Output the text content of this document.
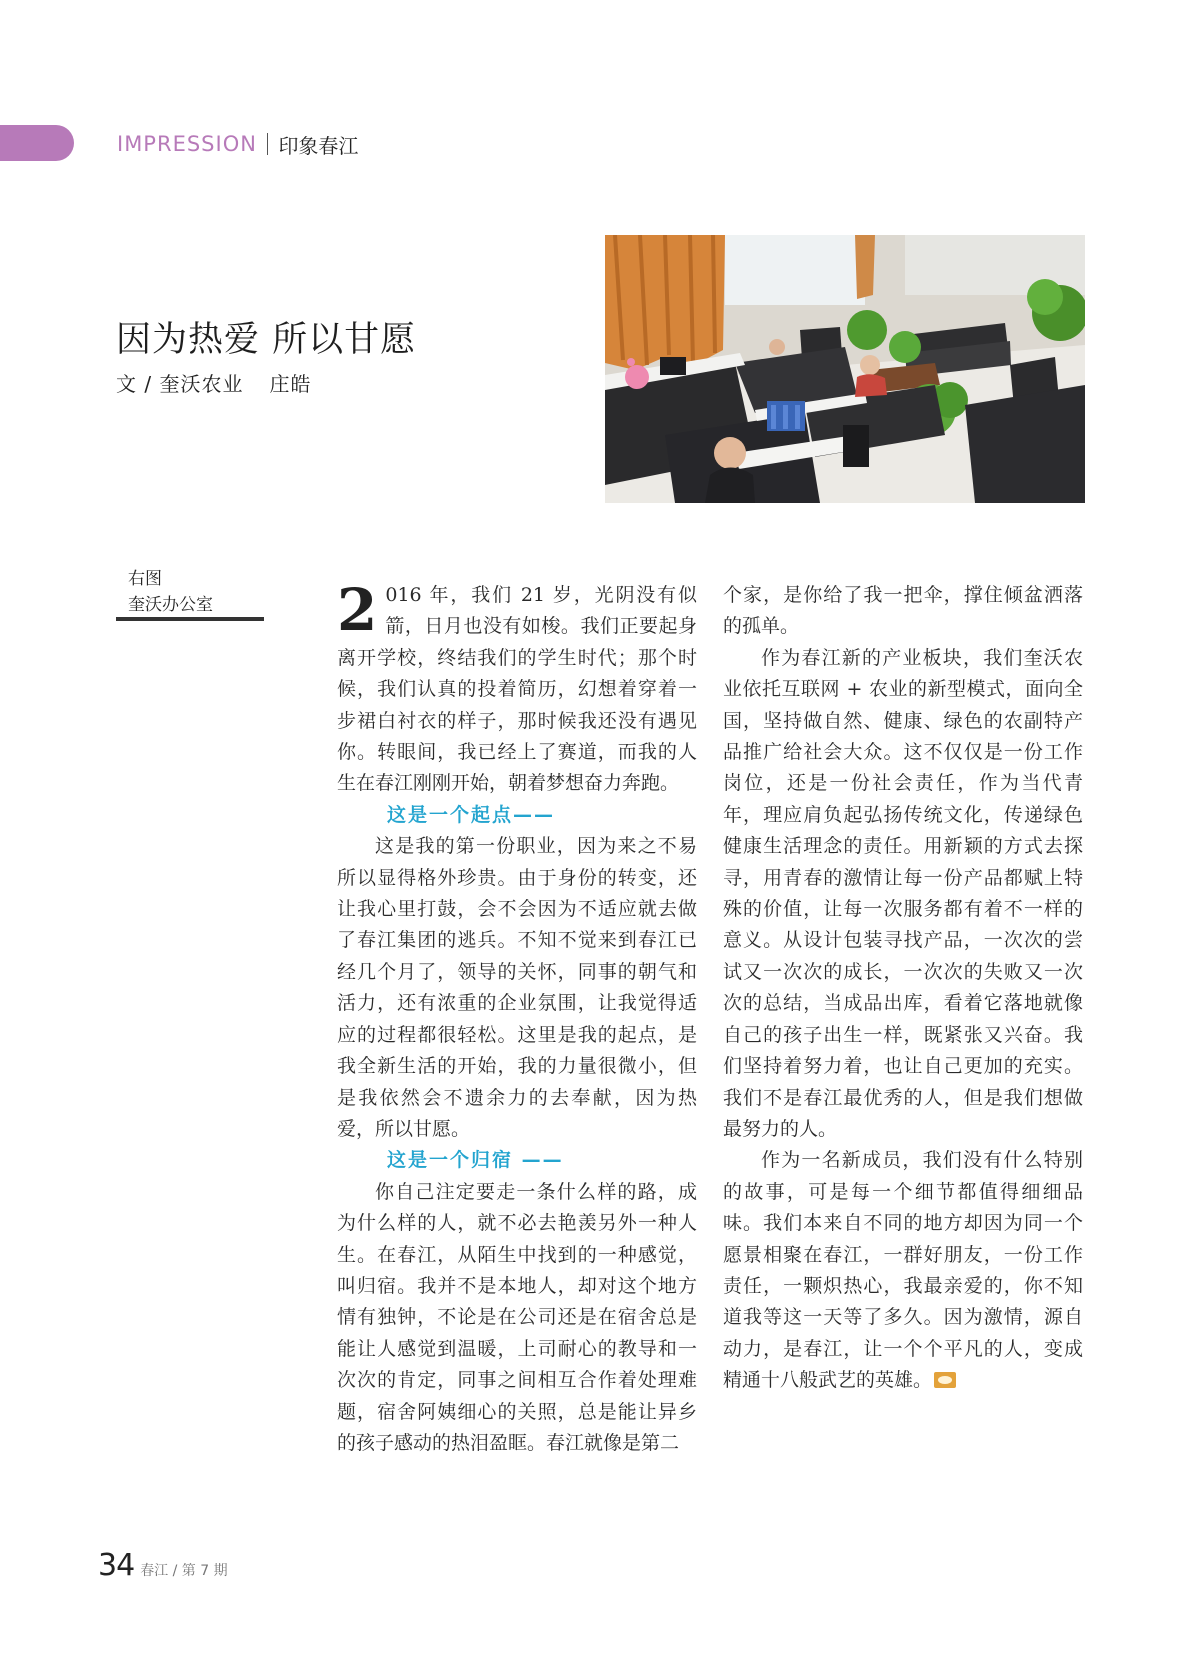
IMPRESSION 印象春江
因为热爱 所以甘愿
文 / 奎沃农业 庄皓
右图
奎沃办公室 2 016 年，我们 21 岁，光阴没有似箭，日月也没有如梭。我们正要起身离开学校，终结我们的学生时代；那个时候，我们认真的投着简历，幻想着穿着一步裙白衬衣的样子，那时候我还没有遇见你。转眼间，我已经上了赛道，而我的人生在春江刚刚开始，朝着梦想奋力奔跑。

这是一个起点——

这是我的第一份职业，因为来之不易所以显得格外珍贵。由于身份的转变，还让我心里打鼓，会不会因为不适应就去做了春江集团的逃兵。不知不觉来到春江已经几个月了，领导的关怀，同事的朝气和活力，还有浓重的企业氛围，让我觉得适应的过程都很轻松。这里是我的起点，是我全新生活的开始，我的力量很微小，但是我依然会不遗余力的去奉献，因为热爱，所以甘愿。

这是一个归宿 ——

你自己注定要走一条什么样的路，成为什么样的人，就不必去艳羡另外一种人生。在春江，从陌生中找到的一种感觉，叫归宿。我并不是本地人，却对这个地方情有独钟，不论是在公司还是在宿舍总是能让人感觉到温暖，上司耐心的教导和一次次的肯定，同事之间相互合作着处理难题，宿舍阿姨细心的关照，总是能让异乡的孩子感动的热泪盈眶。春江就像是第二

个家，是你给了我一把伞，撑住倾盆洒落的孤单。

作为春江新的产业板块，我们奎沃农业依托互联网 + 农业的新型模式，面向全国，坚持做自然、健康、绿色的农副特产品推广给社会大众。这不仅仅是一份工作岗位，还是一份社会责任，作为当代青年，理应肩负起弘扬传统文化，传递绿色健康生活理念的责任。用新颖的方式去探寻，用青春的激情让每一份产品都赋上特殊的价值，让每一次服务都有着不一样的意义。从设计包装寻找产品，一次次的尝试又一次次的成长，一次次的失败又一次次的总结，当成品出库，看着它落地就像自己的孩子出生一样，既紧张又兴奋。我们坚持着努力着，也让自己更加的充实。我们不是春江最优秀的人，但是我们想做最努力的人。

作为一名新成员，我们没有什么特别的故事，可是每一个细节都值得细细品味。我们本来自不同的地方却因为同一个愿景相聚在春江，一群好朋友，一份工作责任，一颗炽热心，我最亲爱的，你不知道我等这一天等了多久。因为激情，源自动力，是春江，让一个个平凡的人，变成精通十八般武艺的英雄。

34 春江 / 第 7 期
